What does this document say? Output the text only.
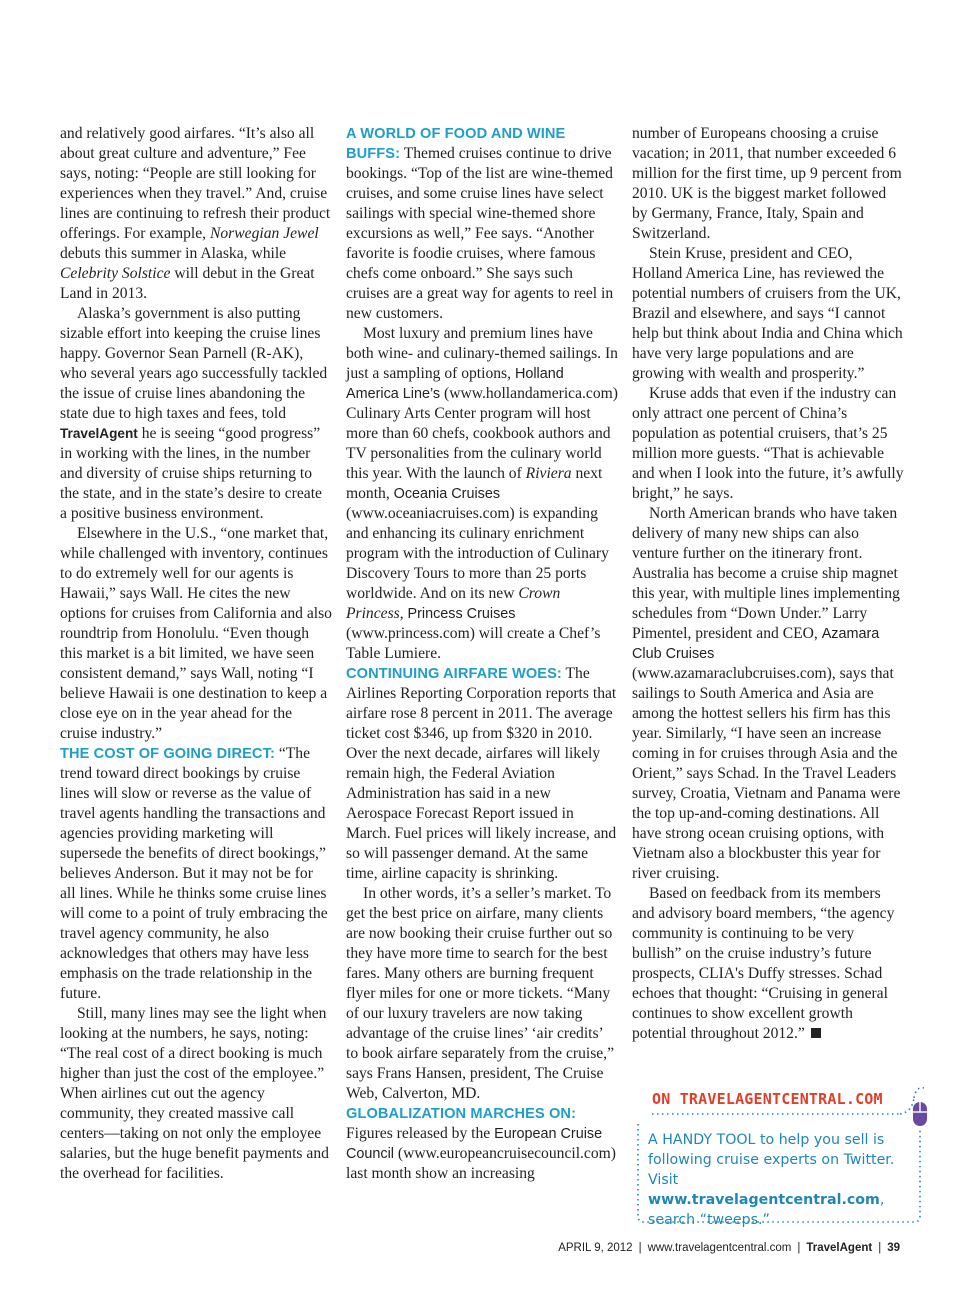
and relatively good airfares. “It’s also all about great culture and adventure,” Fee says, noting: “People are still looking for experiences when they travel.” And, cruise lines are continuing to refresh their product offerings. For example, Norwegian Jewel debuts this summer in Alaska, while Celebrity Solstice will debut in the Great Land in 2013.

Alaska’s government is also putting sizable effort into keeping the cruise lines happy. Governor Sean Parnell (R-AK), who several years ago successfully tackled the issue of cruise lines abandoning the state due to high taxes and fees, told TravelAgent he is seeing “good progress” in working with the lines, in the number and diversity of cruise ships returning to the state, and in the state’s desire to create a positive business environment.

Elsewhere in the U.S., “one market that, while challenged with inventory, continues to do extremely well for our agents is Hawaii,” says Wall. He cites the new options for cruises from California and also roundtrip from Honolulu. “Even though this market is a bit limited, we have seen consistent demand,” says Wall, noting “I believe Hawaii is one destination to keep a close eye on in the year ahead for the cruise industry.”

THE COST OF GOING DIRECT: “The trend toward direct bookings by cruise lines will slow or reverse as the value of travel agents handling the transactions and agencies providing marketing will supersede the benefits of direct bookings,” believes Anderson. But it may not be for all lines. While he thinks some cruise lines will come to a point of truly embracing the travel agency community, he also acknowledges that others may have less emphasis on the trade relationship in the future.

Still, many lines may see the light when looking at the numbers, he says, noting: “The real cost of a direct booking is much higher than just the cost of the employee.” When airlines cut out the agency community, they created massive call centers—taking on not only the employee salaries, but the huge benefit payments and the overhead for facilities.

A WORLD OF FOOD AND WINE BUFFS: Themed cruises continue to drive bookings. “Top of the list are wine-themed cruises, and some cruise lines have select sailings with special wine-themed shore excursions as well,” Fee says. “Another favorite is foodie cruises, where famous chefs come onboard.” She says such cruises are a great way for agents to reel in new customers.

Most luxury and premium lines have both wine- and culinary-themed sailings. In just a sampling of options, Holland America Line’s (www.hollandamerica.com) Culinary Arts Center program will host more than 60 chefs, cookbook authors and TV personalities from the culinary world this year. With the launch of Riviera next month, Oceania Cruises (www.oceaniacruises.com) is expanding and enhancing its culinary enrichment program with the introduction of Culinary Discovery Tours to more than 25 ports worldwide. And on its new Crown Princess, Princess Cruises (www.princess.com) will create a Chef’s Table Lumiere.

CONTINUING AIRFARE WOES: The Airlines Reporting Corporation reports that airfare rose 8 percent in 2011. The average ticket cost $346, up from $320 in 2010. Over the next decade, airfares will likely remain high, the Federal Aviation Administration has said in a new Aerospace Forecast Report issued in March. Fuel prices will likely increase, and so will passenger demand. At the same time, airline capacity is shrinking.

In other words, it’s a seller’s market. To get the best price on airfare, many clients are now booking their cruise further out so they have more time to search for the best fares. Many others are burning frequent flyer miles for one or more tickets. “Many of our luxury travelers are now taking advantage of the cruise lines’ ‘air credits’ to book airfare separately from the cruise,” says Frans Hansen, president, The Cruise Web, Calverton, MD.

GLOBALIZATION MARCHES ON:
Figures released by the European Cruise Council (www.europeancruisecouncil.com) last month show an increasing

number of Europeans choosing a cruise vacation; in 2011, that number exceeded 6 million for the first time, up 9 percent from 2010. UK is the biggest market followed by Germany, France, Italy, Spain and Switzerland.

Stein Kruse, president and CEO, Holland America Line, has reviewed the potential numbers of cruisers from the UK, Brazil and elsewhere, and says “I cannot help but think about India and China which have very large populations and are growing with wealth and prosperity.”

Kruse adds that even if the industry can only attract one percent of China’s population as potential cruisers, that’s 25 million more guests. “That is achievable and when I look into the future, it’s awfully bright,” he says.

North American brands who have taken delivery of many new ships can also venture further on the itinerary front. Australia has become a cruise ship magnet this year, with multiple lines implementing schedules from “Down Under.” Larry Pimentel, president and CEO, Azamara Club Cruises (www.azamaraclubcruises.com), says that sailings to South America and Asia are among the hottest sellers his firm has this year. Similarly, “I have seen an increase coming in for cruises through Asia and the Orient,” says Schad. In the Travel Leaders survey, Croatia, Vietnam and Panama were the top up-and-coming destinations. All have strong ocean cruising options, with Vietnam also a blockbuster this year for river cruising.

Based on feedback from its members and advisory board members, “the agency community is continuing to be very bullish” on the cruise industry’s future prospects, CLIA's Duffy stresses. Schad echoes that thought: “Cruising in general continues to show excellent growth potential throughout 2012.”

ON TRAVELAGENTCENTRAL.COM
A HANDY TOOL to help you sell is following cruise experts on Twitter. Visit www.travelagentcentral.com, search “tweeps.”
APRIL 9, 2012 | www.travelagentcentral.com | TravelAgent | 39
